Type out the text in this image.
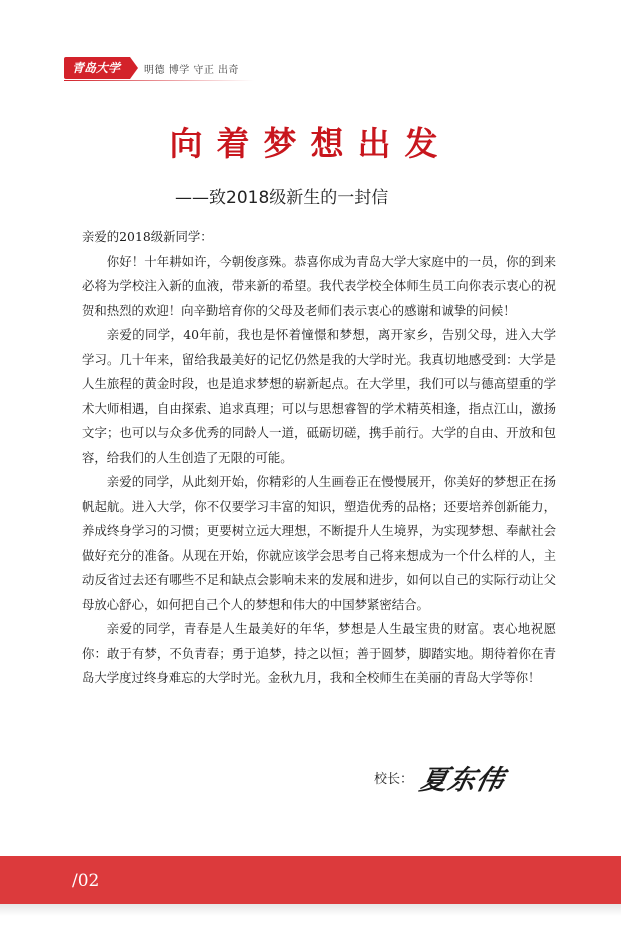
青岛大学	明德 博学 守正 出奇
向着梦想出发
——致2018级新生的一封信

亲爱的2018级新同学：

你好！十年耕如许，今朝俊彦殊。恭喜你成为青岛大学大家庭中的一员，你的到来必将为学校注入新的血液，带来新的希望。我代表学校全体师生员工向你表示衷心的祝贺和热烈的欢迎！向辛勤培育你的父母及老师们表示衷心的感谢和诚挚的问候！

亲爱的同学，40年前，我也是怀着憧憬和梦想，离开家乡，告别父母，进入大学学习。几十年来，留给我最美好的记忆仍然是我的大学时光。我真切地感受到：大学是人生旅程的黄金时段，也是追求梦想的崭新起点。在大学里，我们可以与德高望重的学术大师相遇，自由探索、追求真理；可以与思想睿智的学术精英相逢，指点江山，激扬文字；也可以与众多优秀的同龄人一道，砥砺切磋，携手前行。大学的自由、开放和包容，给我们的人生创造了无限的可能。

亲爱的同学，从此刻开始，你精彩的人生画卷正在慢慢展开，你美好的梦想正在扬帆起航。进入大学，你不仅要学习丰富的知识，塑造优秀的品格；还要培养创新能力，养成终身学习的习惯；更要树立远大理想，不断提升人生境界，为实现梦想、奉献社会做好充分的准备。从现在开始，你就应该学会思考自己将来想成为一个什么样的人，主动反省过去还有哪些不足和缺点会影响未来的发展和进步，如何以自己的实际行动让父母放心舒心，如何把自己个人的梦想和伟大的中国梦紧密结合。

亲爱的同学，青春是人生最美好的年华，梦想是人生最宝贵的财富。衷心地祝愿你：敢于有梦，不负青春；勇于追梦，持之以恒；善于圆梦，脚踏实地。期待着你在青岛大学度过终身难忘的大学时光。金秋九月，我和全校师生在美丽的青岛大学等你！

校长： 夏东伟
/02
